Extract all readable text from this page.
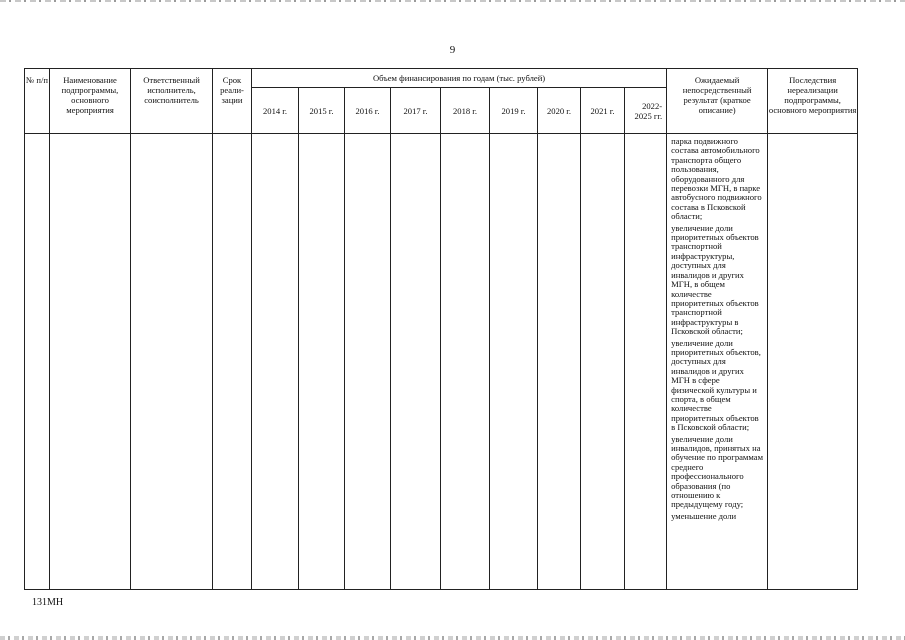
9
№ п/п	Наименование подпрограммы, основного мероприятия	Ответственный исполнитель, соисполнитель	Срок реали-зации	Объем финансирования по годам (тыс. рублей)									Ожидаемый непосредственный результат (краткое описание)	Последствия нереализации подпрограммы, основного мероприятия
				2014 г.	2015 г.	2016 г.	2017 г.	2018 г.	2019 г.	2020 г.	2021 г.	2022-2025 гг.		

													парка подвижного состава автомобильного транспорта общего пользования, оборудованного для перевозки МГН, в парке автобусного подвижного состава в Псковской области;

увеличение доли приоритетных объектов транспортной инфраструктуры, доступных для инвалидов и других МГН, в общем количестве приоритетных объектов транспортной инфраструктуры в Псковской области;

увеличение доли приоритетных объектов, доступных для инвалидов и других МГН в сфере физической культуры и спорта, в общем количестве приоритетных объектов в Псковской области;

увеличение доли инвалидов, принятых на обучение по программам среднего профессионального образования (по отношению к предыдущему году;

уменьшение доли	

131МН
